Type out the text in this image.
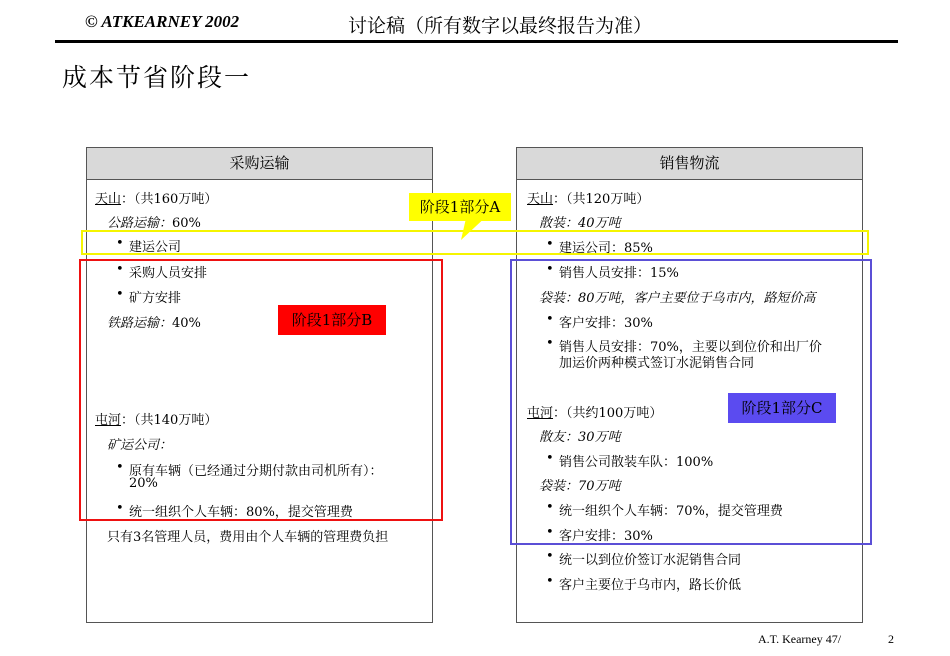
© ATKEARNEY 2002	讨论稿（所有数字以最终报告为准）
成本节省阶段一
采购运输
天山：（共160万吨）
公路运输：60%
• 建运公司
• 采购人员安排
• 矿方安排
铁路运输：40%
屯河：（共140万吨）
矿运公司：
• 原有车辆（已经通过分期付款由司机所有）：
20%
• 统一组织个人车辆：80%，提交管理费
只有3名管理人员，费用由个人车辆的管理费负担
销售物流
天山：（共120万吨）
散装：40万吨
• 建运公司：85%
• 销售人员安排：15%
袋装：80万吨，客户主要位于乌市内，路短价高
• 客户安排：30%
• 销售人员安排：70%，主要以到位价和出厂价
加运价两种模式签订水泥销售合同
屯河：（共约100万吨）
散友：30万吨
• 销售公司散装车队：100%
袋装：70万吨
• 统一组织个人车辆：70%，提交管理费
• 客户安排：30%
• 统一以到位价签订水泥销售合同
• 客户主要位于乌市内，路长价低
阶段1部分A
阶段1部分B
阶段1部分C
A.T. Kearney 47/	2
